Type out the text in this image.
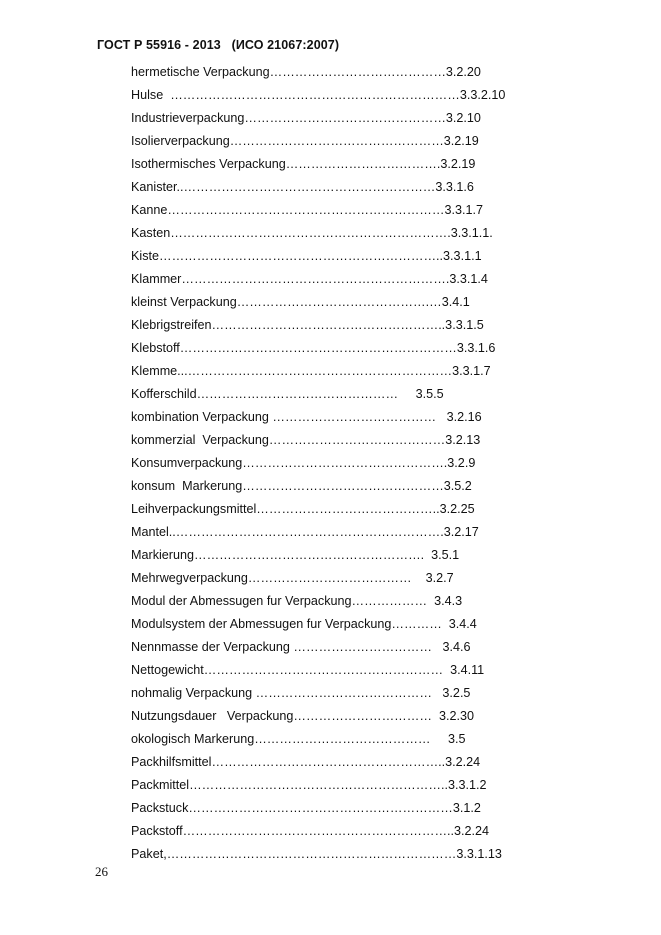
ГОСТ Р 55916 - 2013   (ИСО 21067:2007)
hermetische Verpackung……………………………………3.2.20
Hulse  ……………………………………………………………3.3.2.10
Industrieverpackung…………………………………………3.2.10
Isolierverpackung……………………………………………3.2.19
Isothermisches Verpackung……………………………….3.2.19
Kanister..……………………………………………………3.3.1.6
Kanne…………………………………………………………3.3.1.7
Kasten………………………………………………………….3.3.1.1.
Kiste…………………………………………………………..3.3.1.1
Klammer……………………………………………………….3.3.1.4
kleinst Verpackung……………………………………….…3.4.1
Klebrigstreifen………………………………………………..3.3.1.5
Klebstoff…………………………………………………………3.3.1.6
Klemme...………………………………………………………3.3.1.7
Kofferschild…………………………………………     3.5.5
kombination Verpackung …………………………………   3.2.16
kommerzial  Verpackung……………………………………3.2.13
Konsumverpackung………………………………………….3.2.9
konsum  Markerung…………………………………………3.5.2
Leihverpackungsmittel……………………………………..3.2.25
Mantel..……………………………………………………….3.2.17
Markierung……………………………………………….  3.5.1
Mehrwegverpackung…………………………………    3.2.7
Modul der Abmessugen fur Verpackung………………  3.4.3
Modulsystem der Abmessugen fur Verpackung…………  3.4.4
Nennmasse der Verpackung ……………………………   3.4.6
Nettogewicht…………………………………………………  3.4.11
nohmalig Verpackung ……………………………………   3.2.5
Nutzungsdauer   Verpackung……………………………  3.2.30
okologisch Markerung……………………………………     3.5
Packhilfsmittel………………………………………………..3.2.24
Packmittel……………………………………………………..3.3.1.2
Packstuck………………………………………………………3.1.2
Packstoff………………………………………………………..3.2.24
Paket,……………………………………………………………3.3.1.13
26
